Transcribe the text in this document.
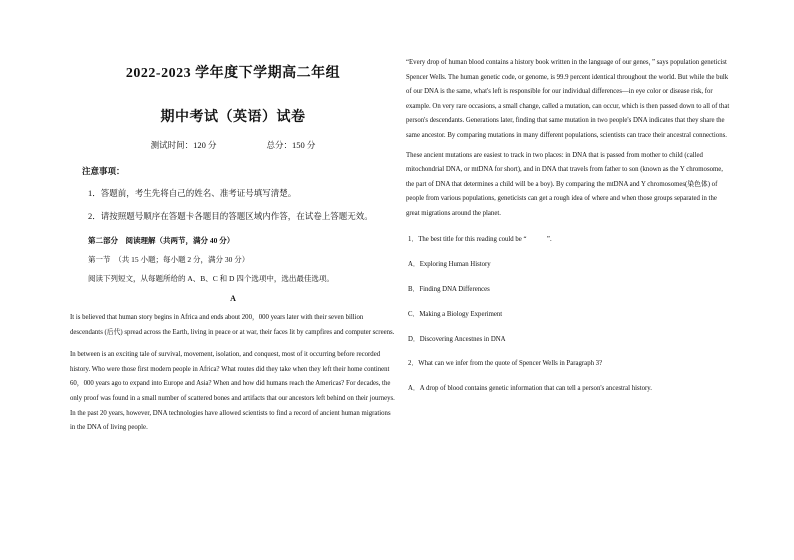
2022-2023 学年度下学期高二年组
期中考试（英语）试卷
测试时间：120 分	总分：150 分
注意事项：
1．答题前，考生先将自己的姓名、准考证号填写清楚。
2．请按照题号顺序在答题卡各题目的答题区域内作答，在试卷上答题无效。
第二部分　阅读理解（共两节，满分 40 分）
第一节　（共 15 小题；每小题 2 分，满分 30 分）
阅读下列短文，从每题所给的 A、B、C 和 D 四个选项中，选出最佳选项。
A

It is believed that human story begins in Africa and ends about 200，000 years later with their seven billion descendants (后代) spread across the Earth, living in peace or at war, their faces lit by campfires and computer screens.

In between is an exciting tale of survival, movement, isolation, and conquest, most of it occurring before recorded history. Who were those first modern people in Africa? What routes did they take when they left their home continent 60，000 years ago to expand into Europe and Asia? When and how did humans reach the Americas? For decades, the only proof was found in a small number of scattered bones and artifacts that our ancestors left behind on their journeys. In the past 20 years, however, DNA technologies have allowed scientists to find a record of ancient human migrations in the DNA of living people.

“Every drop of human blood contains a history book written in the language of our genes，” says population geneticist Spencer Wells. The human genetic code, or genome, is 99.9 percent identical throughout the world. But while the bulk of our DNA is the same, what's left is responsible for our individual differences—in eye color or disease risk, for example. On very rare occasions, a small change, called a mutation, can occur, which is then passed down to all of that person's descendants. Generations later, finding that same mutation in two people's DNA indicates that they share the same ancestor. By comparing mutations in many different populations, scientists can trace their ancestral connections.

These ancient mutations are easiest to track in two places: in DNA that is passed from mother to child (called mitochondrial DNA, or mtDNA for short), and in DNA that travels from father to son (known as the Y chromosome, the part of DNA that determines a child will be a boy). By comparing the mtDNA and Y chromosomes(染色体) of people from various populations, geneticists can get a rough idea of where and when those groups separated in the great migrations around the planet.

1．The best title for this reading could be “　　　”.
A．Exploring Human History
B．Finding DNA Differences
C．Making a Biology Experiment
D．Discovering Ancestnes in DNA
2．What can we infer from the quote of Spencer Wells in Paragraph 3?
A．A drop of blood contains genetic information that can tell a person's ancestral history.
